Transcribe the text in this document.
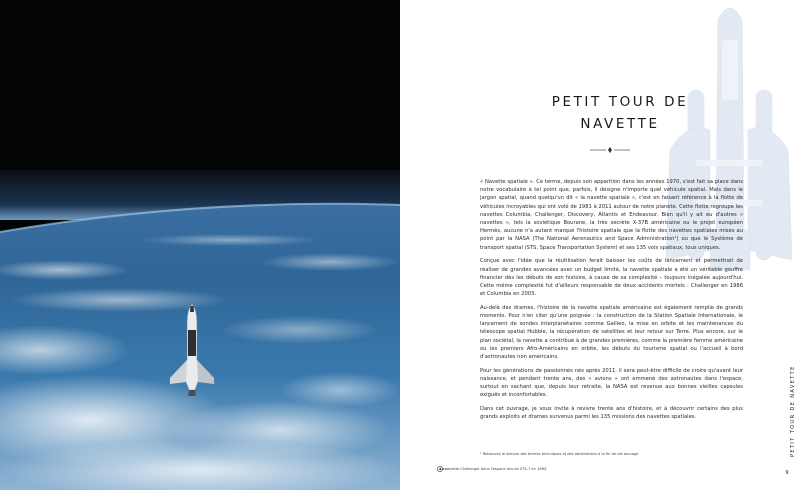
PETIT TOUR DE
NAVETTE

« Navette spatiale ». Ce terme, depuis son apparition dans les années 1970, s'est fait sa place dans notre vocabulaire à tel point que, parfois, il désigne n'importe quel véhicule spatial. Mais dans le jargon spatial, quand quelqu'un dit « la navette spatiale », c'est en faisant référence à la flotte de véhicules incroyables qui ont volé de 1981 à 2011 autour de notre planète. Cette flotte regroupe les navettes Columbia, Challenger, Discovery, Atlantis et Endeavour. Bien qu'il y ait eu d'autres « navettes », tels la soviétique Bourane, la très secrète X-37B américaine ou le projet européen Hermès, aucune n'a autant marqué l'histoire spatiale que la flotte des navettes spatiales mises au point par la NASA (The National Aeronautics and Space Administration¹) ou que le Système de transport spatial (STS, Space Transportation System) et ses 135 vols spatiaux, tous uniques.

Conçue avec l'idée que la réutilisation ferait baisser les coûts de lancement et permettrait de réaliser de grandes avancées avec un budget limité, la navette spatiale a été un véritable gouffre financier dès les débuts de son histoire, à cause de sa complexité – toujours inégalée aujourd'hui. Cette même complexité fut d'ailleurs responsable de deux accidents mortels : Challenger en 1986 et Columbia en 2003.

Au-delà des drames, l'histoire de la navette spatiale américaine est également remplie de grands moments. Pour n'en citer qu'une poignée : la construction de la Station Spatiale Internationale, le lancement de sondes interplanétaires comme Galileo, la mise en orbite et les maintenances du télescope spatial Hubble, la récupération de satellites et leur retour sur Terre. Plus encore, sur le plan sociétal, la navette a contribué à de grandes premières, comme la première femme américaine ou les premiers Afro-Américains en orbite, les débuts du tourisme spatial ou l'accueil à bord d'astronautes non américains.

Pour les générations de passionnés nés après 2011, il sera peut-être difficile de croire qu'avant leur naissance, et pendant trente ans, des « avions » ont emmené des astronautes dans l'espace, surtout en sachant que, depuis leur retraite, la NASA est revenue aux bonnes vieilles capsules exiguës et inconfortables.

Dans cet ouvrage, je vous invite à revivre trente ans d'histoire, et à découvrir certains des plus grands exploits et drames survenus parmi les 135 missions des navettes spatiales.

¹ Retrouvez le lexique des termes techniques et des abréviations à la fin de cet ouvrage
La navette Challenger dans l'espace lors de STS-7 en 1983.
PETIT TOUR DE NAVETTE
9
